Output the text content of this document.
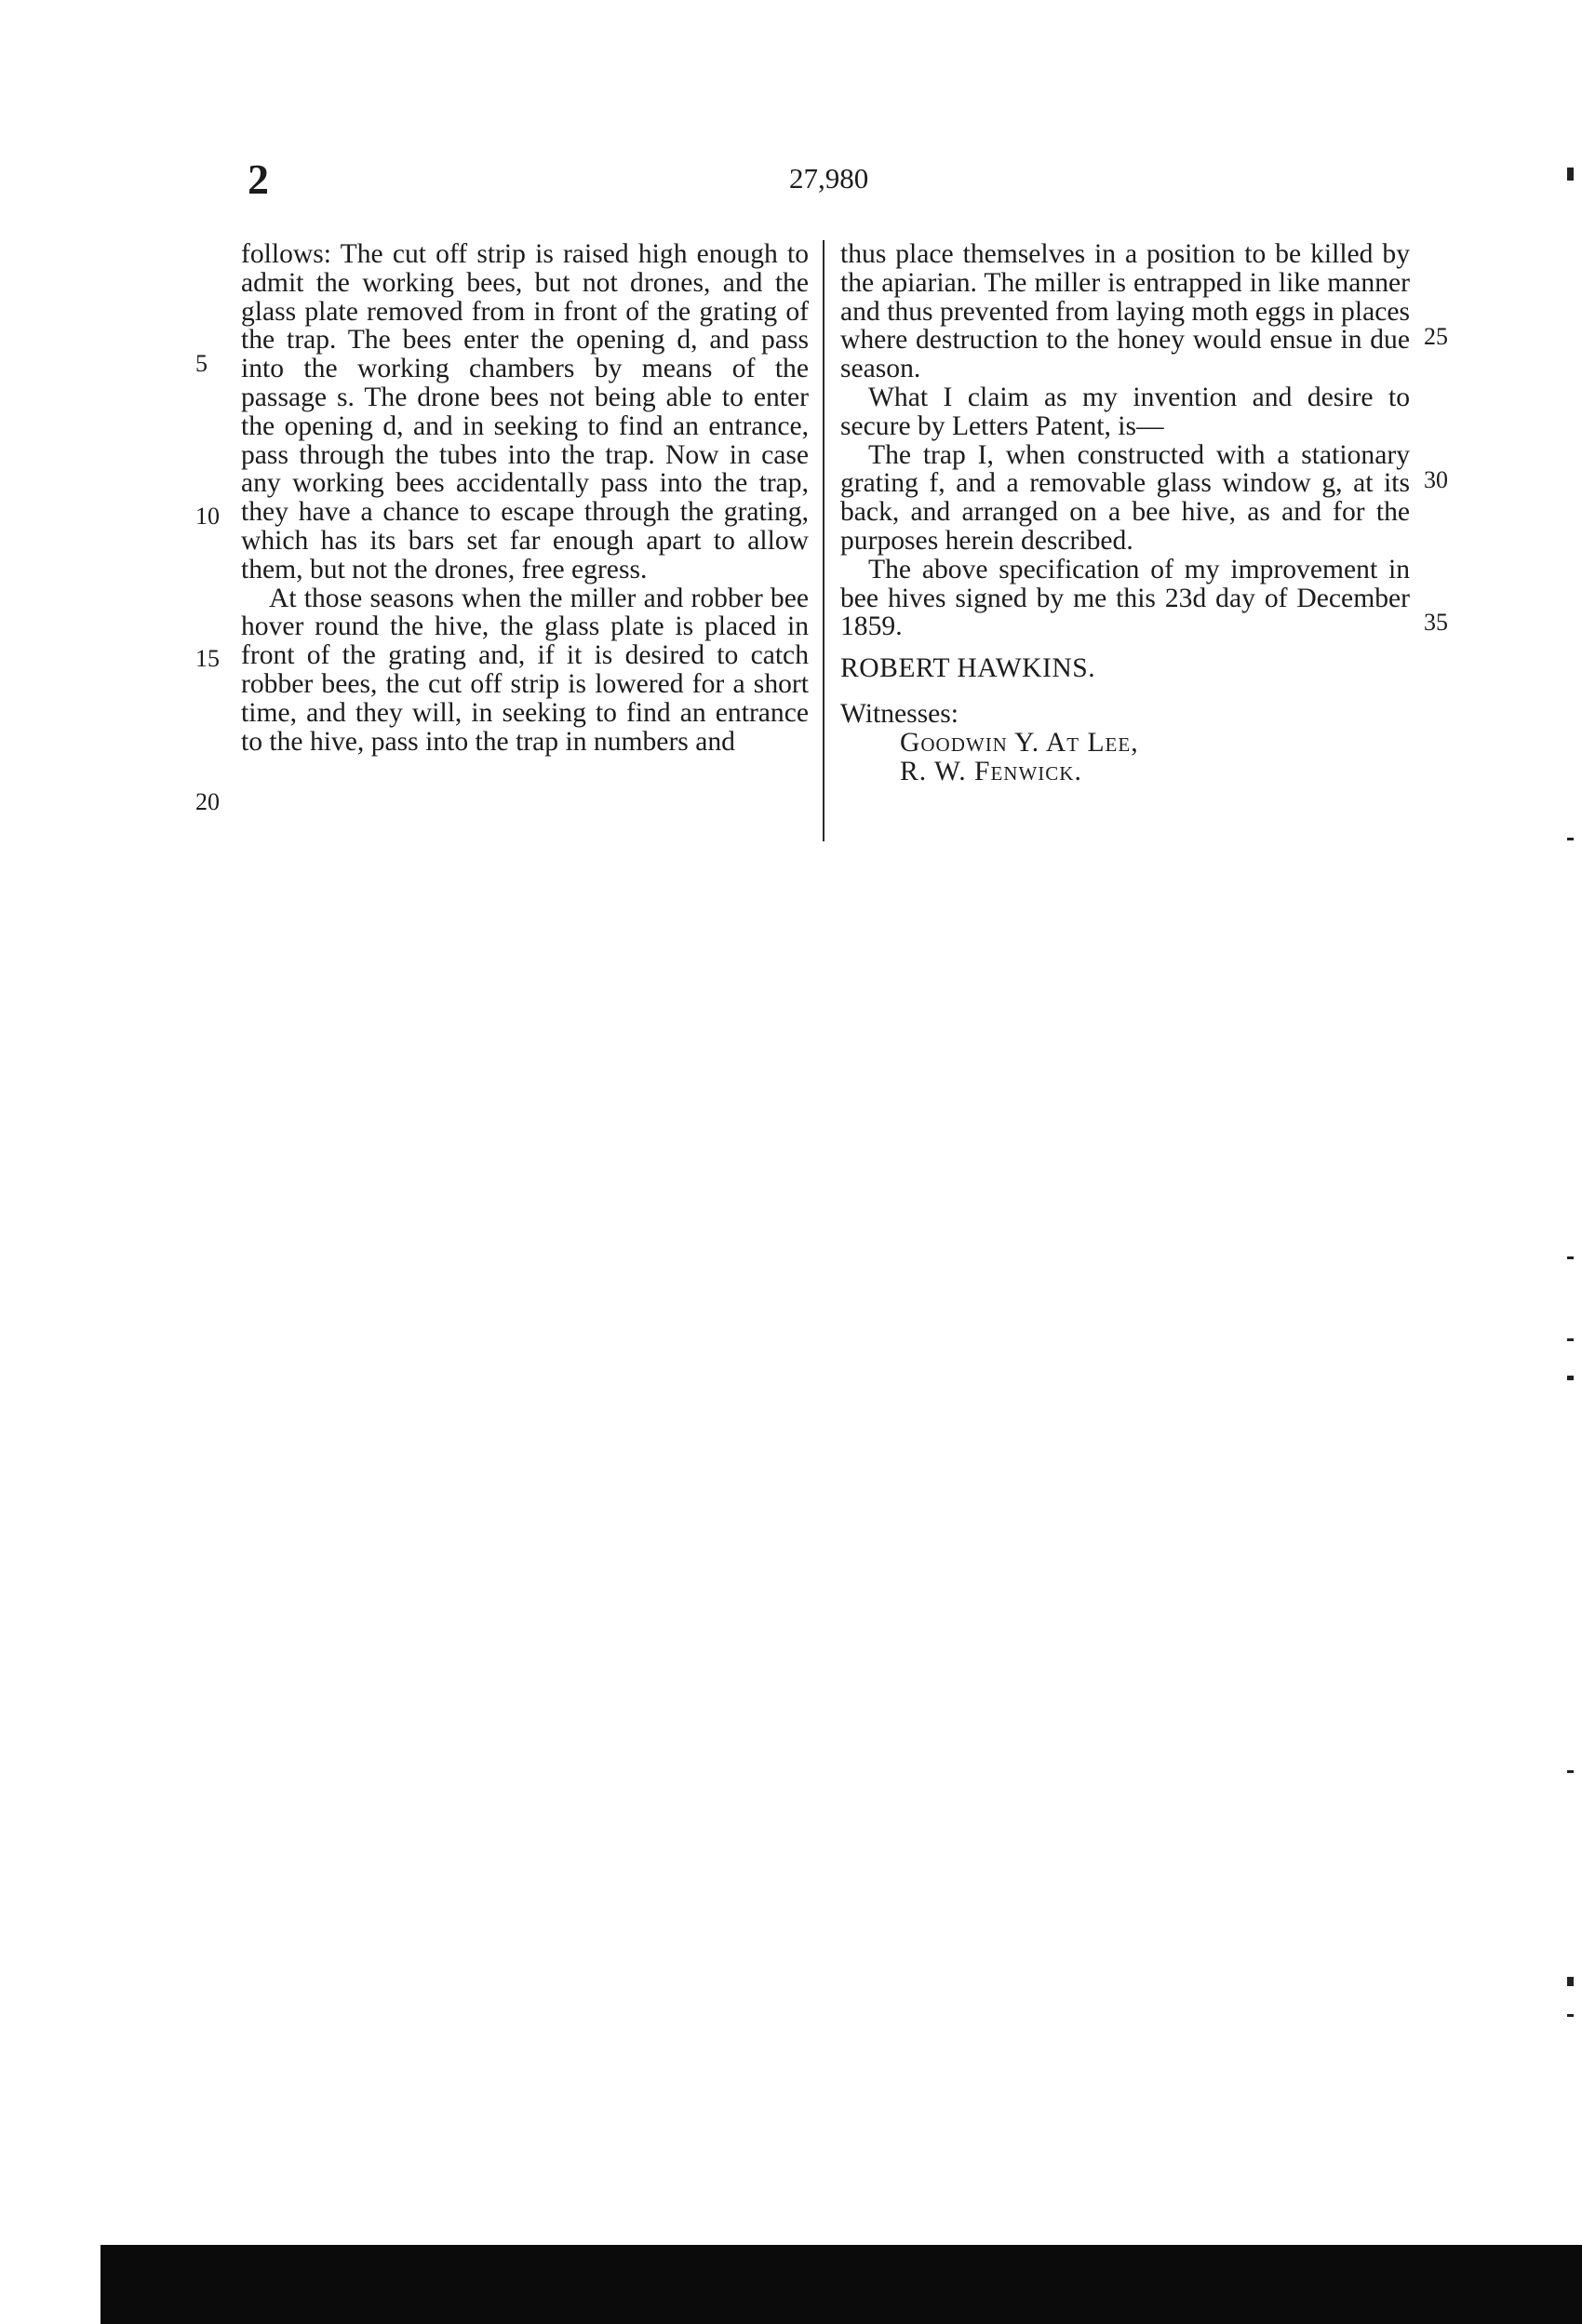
2	27,980

follows: The cut off strip is raised high enough to admit the working bees, but not drones, and the glass plate removed from in front of the grating of the trap. The bees enter the opening d, and pass into the working chambers by means of the passage s. The drone bees not being able to enter the opening d, and in seeking to find an entrance, pass through the tubes into the trap. Now in case any working bees accidentally pass into the trap, they have a chance to escape through the grating, which has its bars set far enough apart to allow them, but not the drones, free egress.

At those seasons when the miller and robber bee hover round the hive, the glass plate is placed in front of the grating and, if it is desired to catch robber bees, the cut off strip is lowered for a short time, and they will, in seeking to find an entrance to the hive, pass into the trap in numbers and

thus place themselves in a position to be killed by the apiarian. The miller is entrapped in like manner and thus prevented from laying moth eggs in places where destruction to the honey would ensue in due season.

What I claim as my invention and desire to secure by Letters Patent, is—

The trap I, when constructed with a stationary grating f, and a removable glass window g, at its back, and arranged on a bee hive, as and for the purposes herein described.

The above specification of my improvement in bee hives signed by me this 23d day of December 1859.

ROBERT HAWKINS.

Witnesses:

Goodwin Y. At Lee,

R. W. Fenwick.

5
10
15
20
25
30
35
